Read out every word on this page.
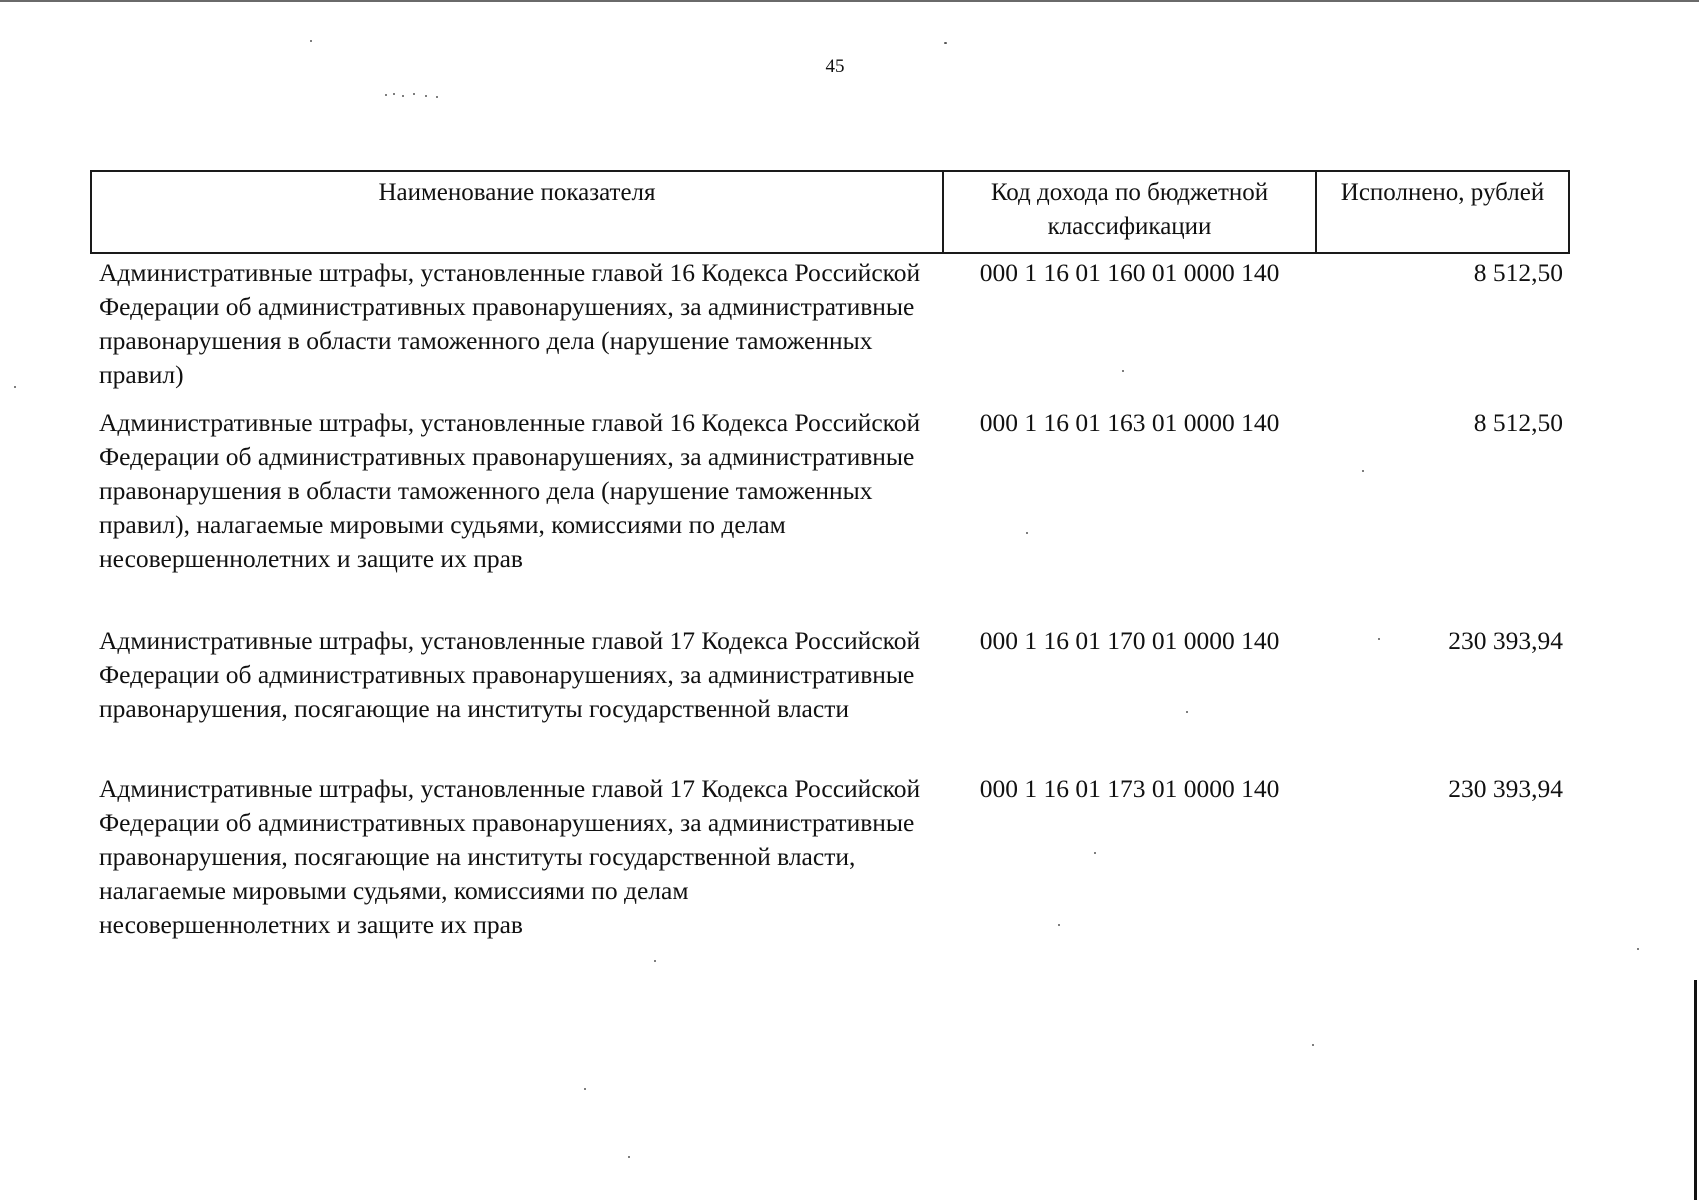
45
Наименование показателя	Код дохода по бюджетной классификации	Исполнено, рублей
Административные штрафы, установленные главой 16 Кодекса Российской Федерации об административных правонарушениях, за административные правонарушения в области таможенного дела (нарушение таможенных правил)	000 1 16 01 160 01 0000 140	8 512,50
Административные штрафы, установленные главой 16 Кодекса Российской Федерации об административных правонарушениях, за административные правонарушения в области таможенного дела (нарушение таможенных правил), налагаемые мировыми судьями, комиссиями по делам несовершеннолетних и защите их прав	000 1 16 01 163 01 0000 140	8 512,50
Административные штрафы, установленные главой 17 Кодекса Российской Федерации об административных правонарушениях, за административные правонарушения, посягающие на институты государственной власти	000 1 16 01 170 01 0000 140	230 393,94
Административные штрафы, установленные главой 17 Кодекса Российской Федерации об административных правонарушениях, за административные правонарушения, посягающие на институты государственной власти, налагаемые мировыми судьями, комиссиями по делам несовершеннолетних и защите их прав	000 1 16 01 173 01 0000 140	230 393,94
